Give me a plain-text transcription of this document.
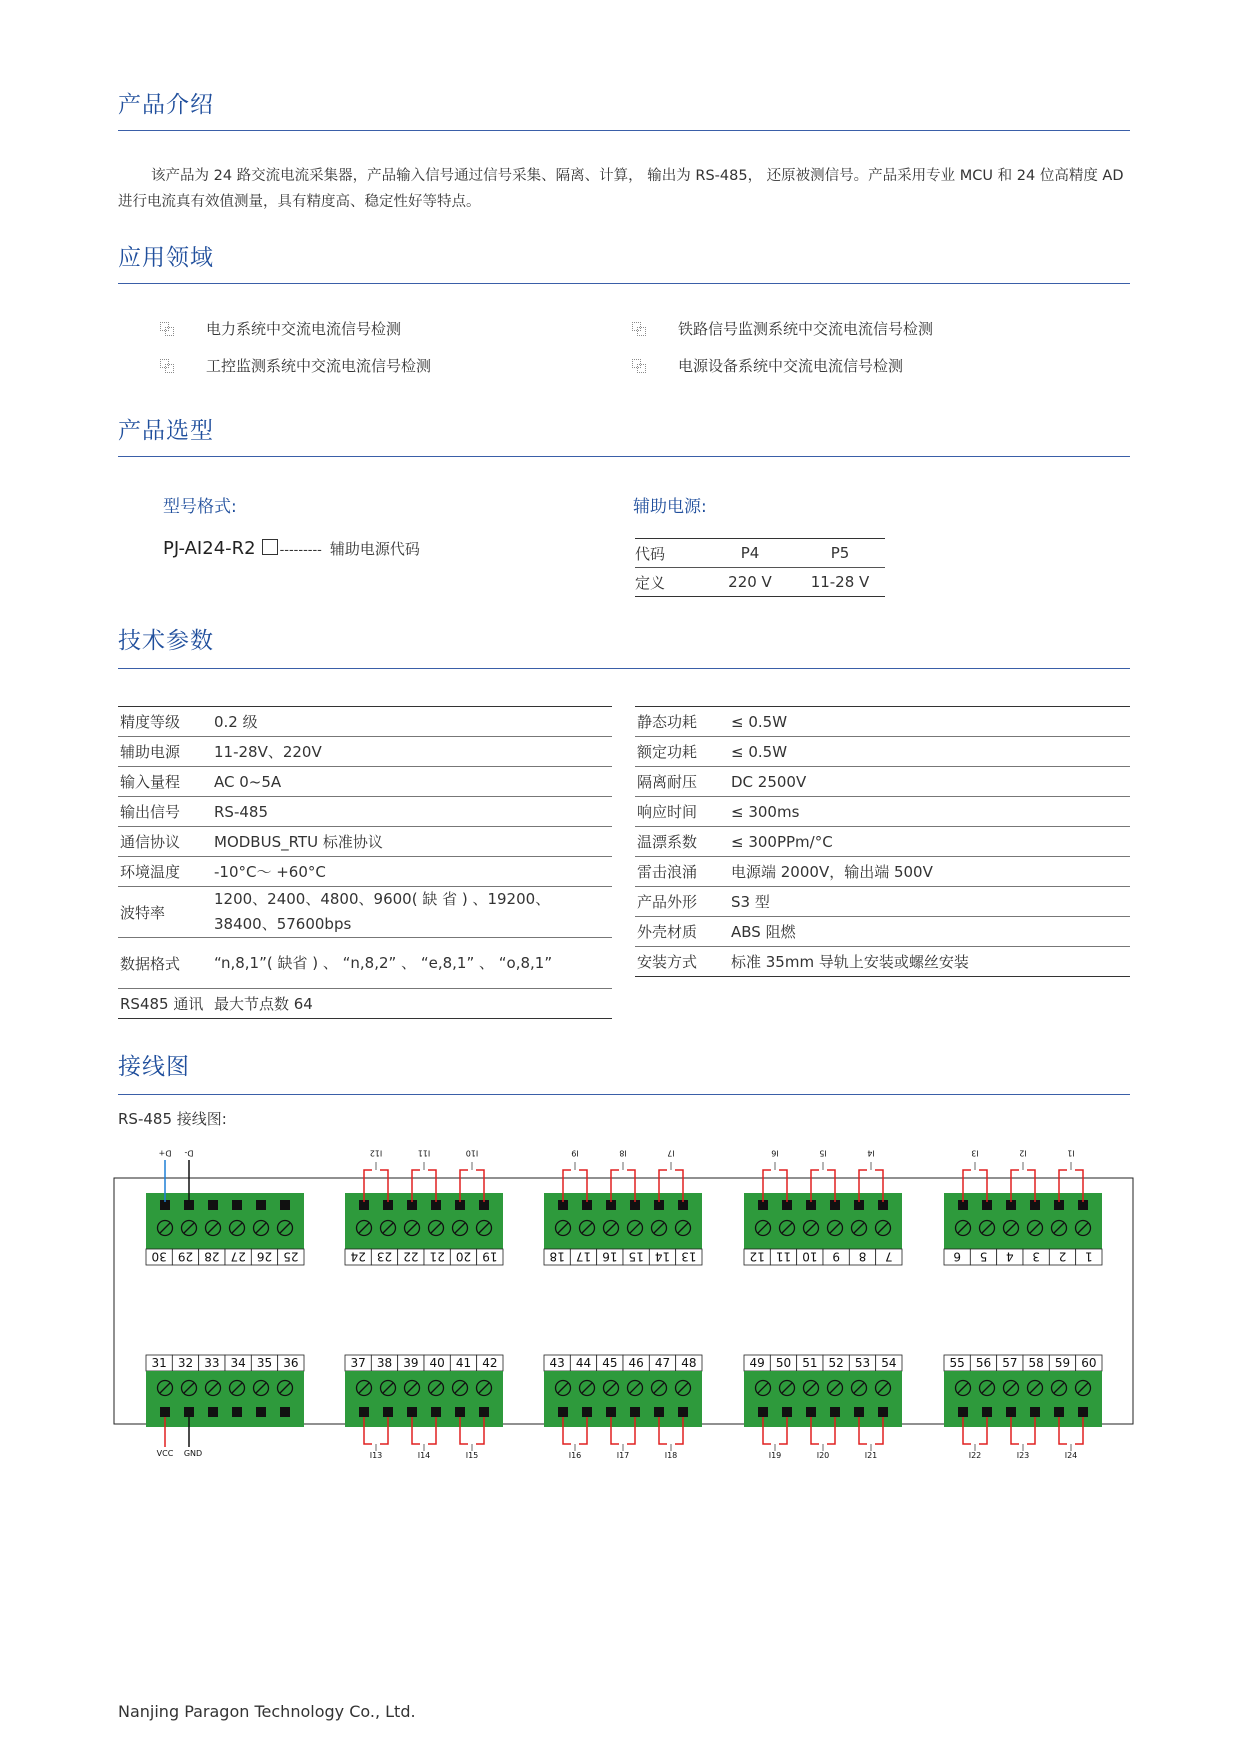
产品介绍
该产品为 24 路交流电流采集器，产品输入信号通过信号采集、隔离、计算， 输出为 RS-485， 还原被测信号。产品采用专业 MCU 和 24 位高精度 AD 进行电流真有效值测量，具有精度高、稳定性好等特点。
应用领域
电力系统中交流电流信号检测	铁路信号监测系统中交流电流信号检测
工控监测系统中交流电流信号检测	电源设备系统中交流电流信号检测
产品选型
型号格式:
PJ-AI24-R2 --------- 辅助电源代码
辅助电源:
代码	P4	P5
定义	220 V	11-28 V
技术参数
精度等级	0.2 级
辅助电源	11-28V、220V
输入量程	AC 0~5A
输出信号	RS-485
通信协议	MODBUS_RTU 标准协议
环境温度	-10°C～ +60°C
波特率	1200、2400、4800、9600( 缺 省 ) 、19200、38400、57600bps
数据格式	“n,8,1”( 缺省 ) 、 “n,8,2” 、 “e,8,1” 、 “o,8,1”
RS485 通讯	最大节点数 64
静态功耗	≤ 0.5W
额定功耗	≤ 0.5W
隔离耐压	DC 2500V
响应时间	≤ 300ms
温漂系数	≤ 300PPm/°C
雷击浪涌	电源端 2000V，输出端 500V
产品外形	S3 型
外壳材质	ABS 阻燃
安装方式	标准 35mm 导轨上安装或螺丝安装
接线图
RS-485 接线图:
30 29 28 27 26 25
D+ D-
24 23 22 21 20 19
I12	I11	I10
18 17 16 15 14 13
I9	I8	I7
12 11 10 9 8 7
I6	I5	I4
6 5 4 3 2 1
I3	I2	I1
31 32 33 34 35 36
VCC GND
37 38 39 40 41 42
I13	I14	I15
43 44 45 46 47 48
I16	I17	I18
49 50 51 52 53 54
I19	I20	I21
55 56 57 58 59 60
I22	I23	I24
Nanjing Paragon Technology Co., Ltd.
